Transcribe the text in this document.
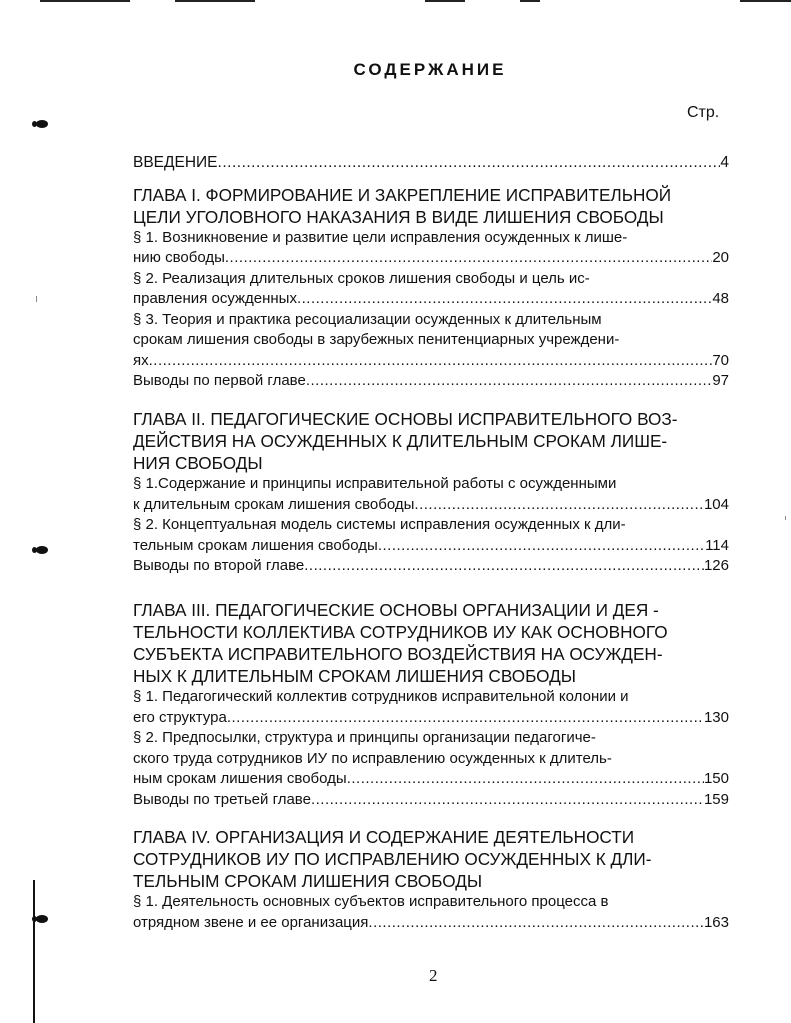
СОДЕРЖАНИЕ
Стр.
ВВЕДЕНИЕ .....	4
ГЛАВА I. ФОРМИРОВАНИЕ И ЗАКРЕПЛЕНИЕ ИСПРАВИТЕЛЬНОЙ
ЦЕЛИ УГОЛОВНОГО НАКАЗАНИЯ В ВИДЕ ЛИШЕНИЯ СВОБОДЫ
§ 1. Возникновение и развитие цели исправления осужденных к лише-
нию свободы .....	20
§ 2. Реализация длительных сроков лишения свободы и цель ис-
правления осужденных .....	48
§ 3. Теория и практика ресоциализации осужденных к длительным
срокам лишения свободы в зарубежных пенитенциарных учреждени-
ях .....	70
Выводы по первой главе .....	97
ГЛАВА II. ПЕДАГОГИЧЕСКИЕ ОСНОВЫ ИСПРАВИТЕЛЬНОГО ВОЗ-
ДЕЙСТВИЯ НА ОСУЖДЕННЫХ К ДЛИТЕЛЬНЫМ СРОКАМ ЛИШЕ-
НИЯ СВОБОДЫ
§ 1.Содержание и принципы исправительной работы с осужденными
к длительным срокам лишения свободы .....	104
§ 2. Концептуальная модель системы исправления осужденных к дли-
тельным срокам лишения свободы .....	114
Выводы по второй главе .....	126
ГЛАВА III. ПЕДАГОГИЧЕСКИЕ ОСНОВЫ ОРГАНИЗАЦИИ И ДЕЯ -
ТЕЛЬНОСТИ КОЛЛЕКТИВА СОТРУДНИКОВ ИУ КАК ОСНОВНОГО
СУБЪЕКТА ИСПРАВИТЕЛЬНОГО ВОЗДЕЙСТВИЯ НА ОСУЖДЕН-
НЫХ К ДЛИТЕЛЬНЫМ СРОКАМ ЛИШЕНИЯ СВОБОДЫ
§ 1. Педагогический коллектив сотрудников исправительной колонии и
его структура .....	130
§ 2. Предпосылки, структура и принципы организации педагогиче-
ского труда сотрудников ИУ по исправлению осужденных к длитель-
ным срокам лишения свободы .....	150
Выводы по третьей главе .....	159
ГЛАВА IV. ОРГАНИЗАЦИЯ И СОДЕРЖАНИЕ ДЕЯТЕЛЬНОСТИ
СОТРУДНИКОВ ИУ ПО ИСПРАВЛЕНИЮ ОСУЖДЕННЫХ К ДЛИ-
ТЕЛЬНЫМ СРОКАМ ЛИШЕНИЯ СВОБОДЫ
§ 1. Деятельность основных субъектов исправительного процесса в
отрядном звене и ее организация .....	163
2
